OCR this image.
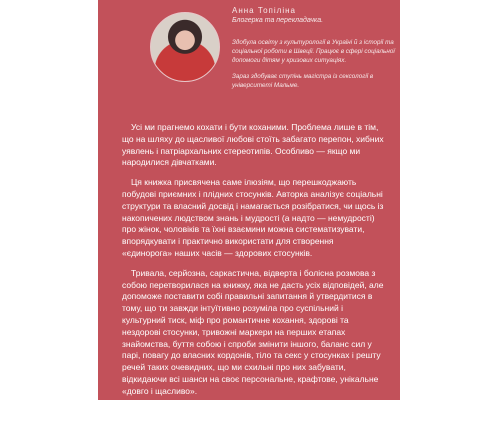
Анна Топіліна
Блогерка та перекладачка.

Здобула освіту з культурології в Україні й з історії та соціальної роботи в Швеції. Працює в сфері соціальної допомоги дітям у кризових ситуаціях.

Зараз здобуває ступінь магістра із сексології в університеті Мальме.

Усі ми прагнемо кохати і бути коханими. Проблема лише в тім, що на шляху до щасливої любові стоїть забагато перепон, хибних уявлень і патріархальних стереотипів. Особливо — якщо ми народилися дівчатками.

Ця книжка присвячена саме ілюзіям, що перешкоджають побудові приємних і плідних стосунків. Авторка аналізує соціальні структури та власний досвід і намагається розібратися, чи щось із накопичених людством знань і мудрості (а надто — немудрості) про жінок, чоловіків та їхні взаємини можна систематизувати, впорядкувати і практично використати для створення «єдинорога» наших часів — здорових стосунків.

Тривала, серйозна, саркастична, відверта і болісна розмова з собою перетворилася на книжку, яка не дасть усіх відповідей, але допоможе поставити собі правильні запитання й утвердитися в тому, що ти завжди інтуїтивно розуміла про суспільний і культурний тиск, міф про романтичне кохання, здорові та нездорові стосунки, тривожні маркери на перших етапах знайомства, буття собою і спроби змінити іншого, баланс сил у парі, повагу до власних кордонів, тіло та секс у стосунках і решту речей таких очевидних, що ми схильні про них забувати, відкидаючи всі шанси на своє персональне, крафтове, унікальне «довго і щасливо».

А ми його, чорт забирай, варті!
